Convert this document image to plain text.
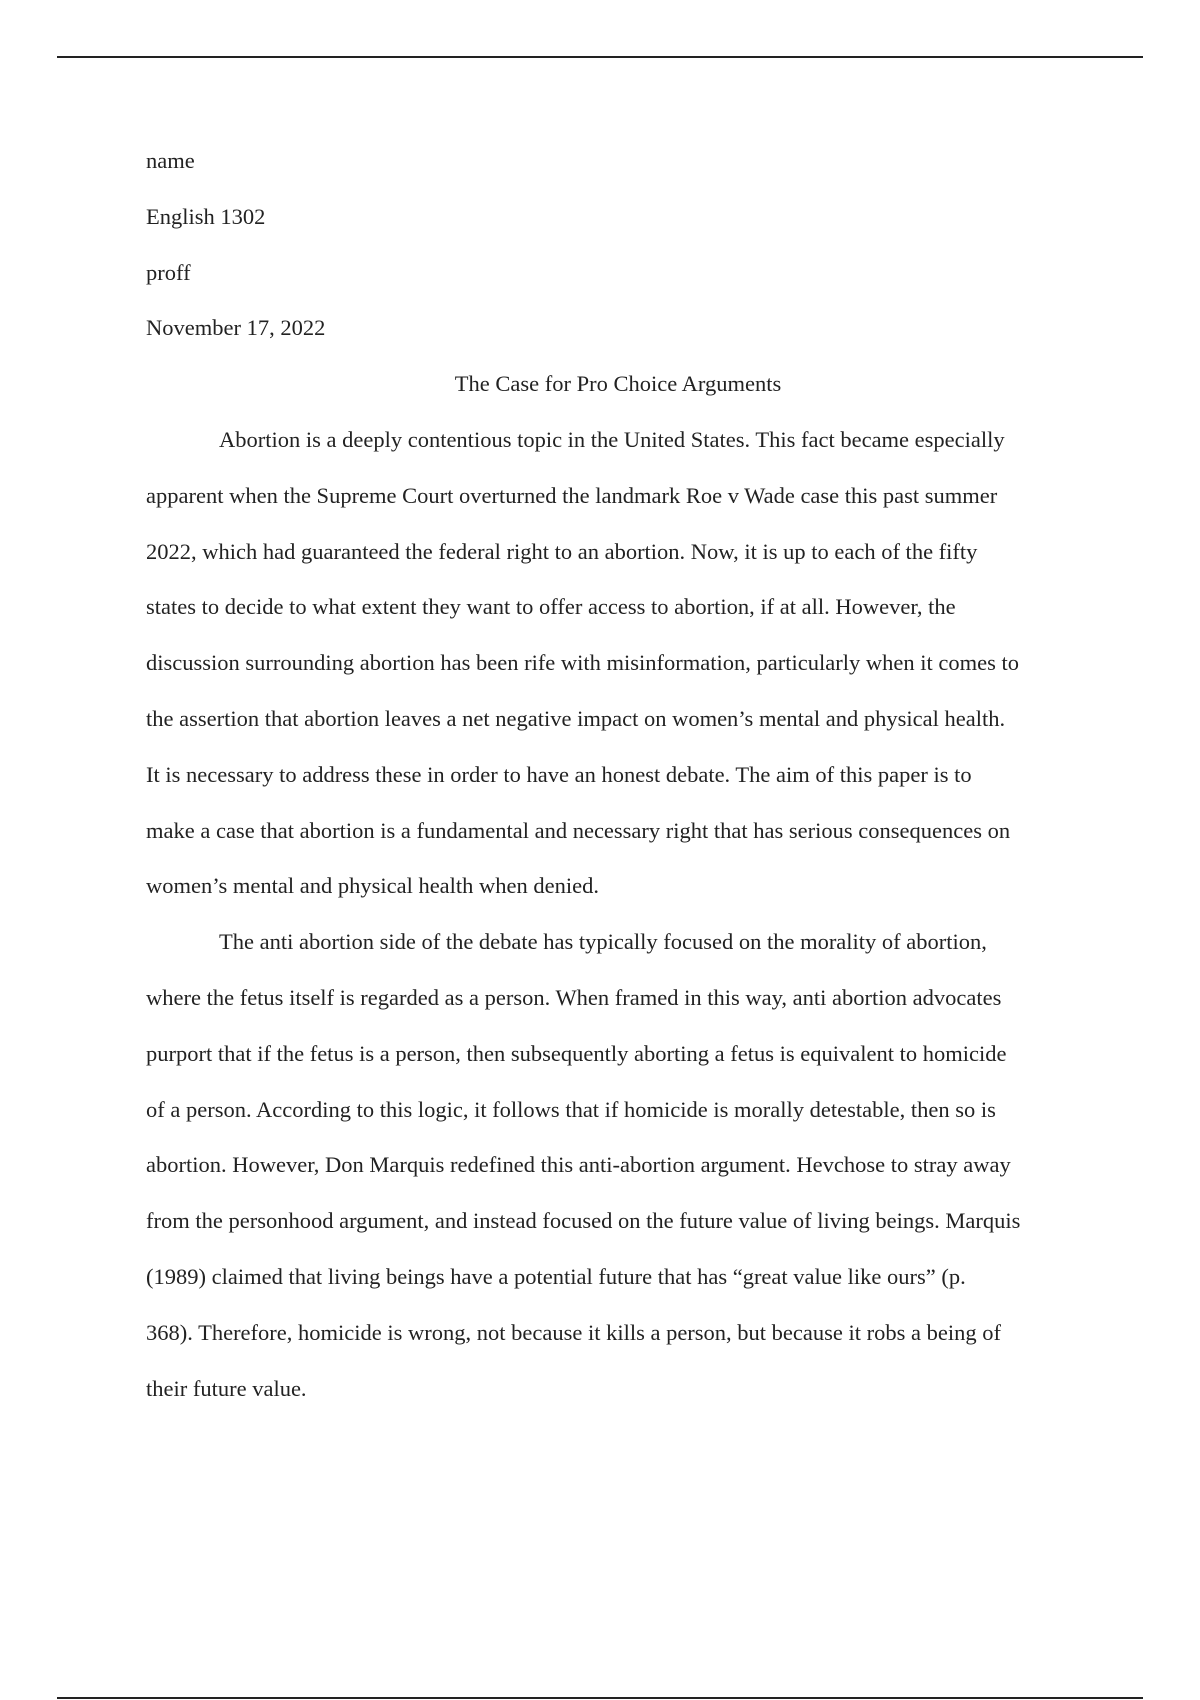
name

English 1302

proff

November 17, 2022

The Case for Pro Choice Arguments

Abortion is a deeply contentious topic in the United States. This fact became especially
apparent when the Supreme Court overturned the landmark Roe v Wade case this past summer
2022, which had guaranteed the federal right to an abortion. Now, it is up to each of the fifty
states to decide to what extent they want to offer access to abortion, if at all. However, the
discussion surrounding abortion has been rife with misinformation, particularly when it comes to
the assertion that abortion leaves a net negative impact on women’s mental and physical health.
It is necessary to address these in order to have an honest debate. The aim of this paper is to
make a case that abortion is a fundamental and necessary right that has serious consequences on
women’s mental and physical health when denied.

The anti abortion side of the debate has typically focused on the morality of abortion,
where the fetus itself is regarded as a person. When framed in this way, anti abortion advocates
purport that if the fetus is a person, then subsequently aborting a fetus is equivalent to homicide
of a person. According to this logic, it follows that if homicide is morally detestable, then so is
abortion. However, Don Marquis redefined this anti-abortion argument. Hevchose to stray away
from the personhood argument, and instead focused on the future value of living beings. Marquis
(1989) claimed that living beings have a potential future that has “great value like ours” (p.
368). Therefore, homicide is wrong, not because it kills a person, but because it robs a being of
their future value.
